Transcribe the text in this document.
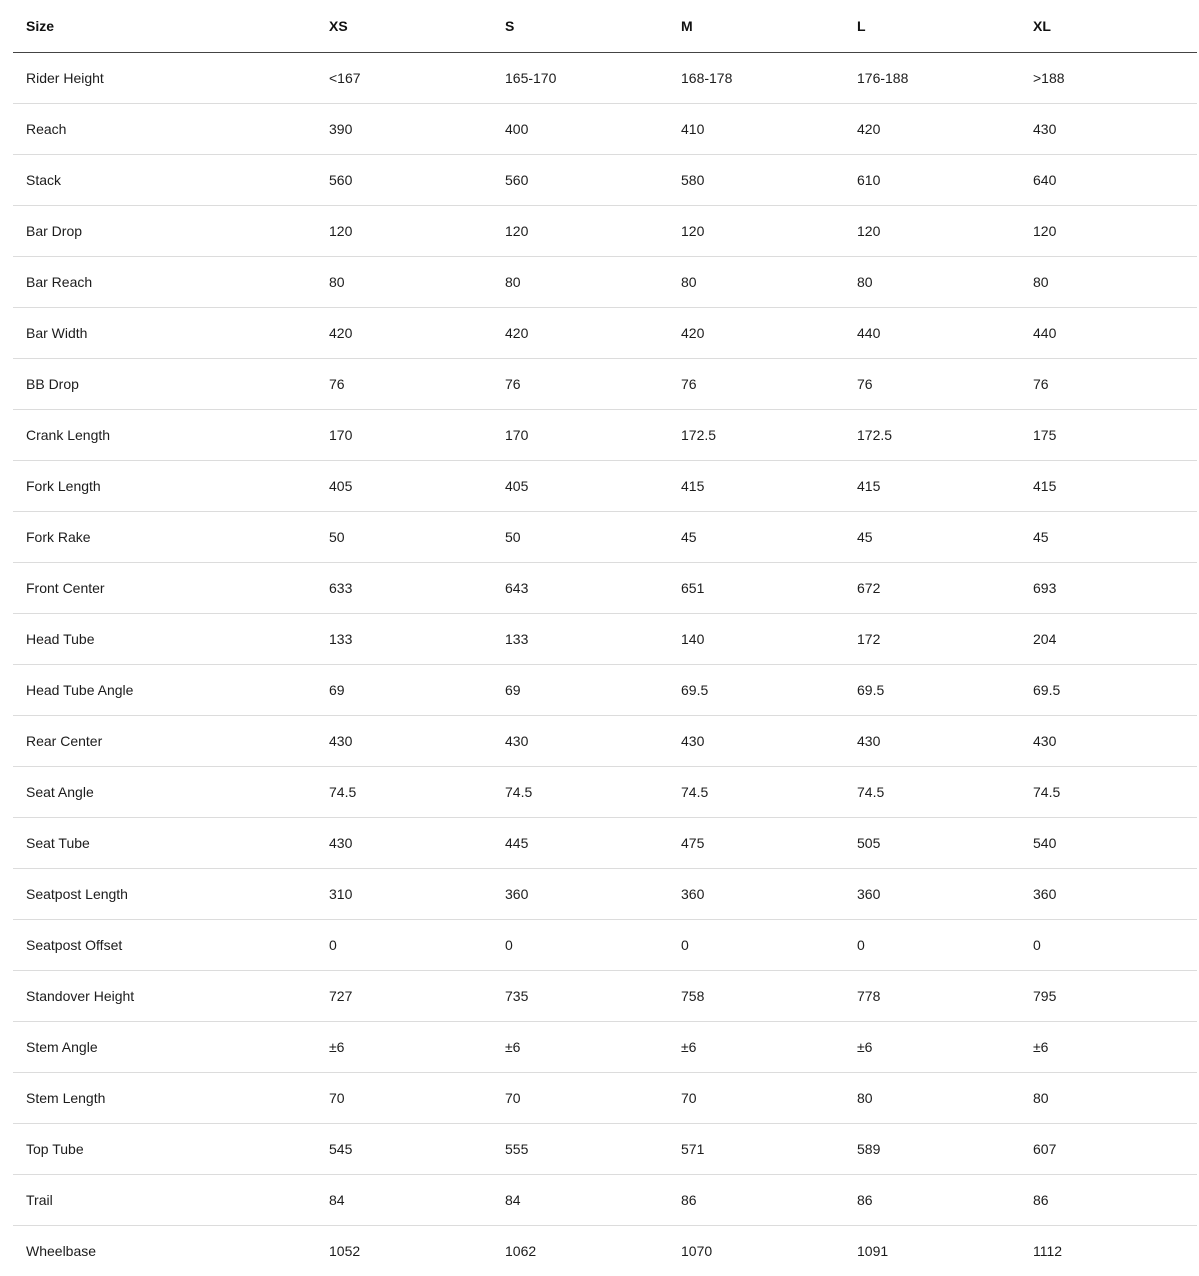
Size	XS	S	M	L	XL
Rider Height	<167	165-170	168-178	176-188	>188
Reach	390	400	410	420	430
Stack	560	560	580	610	640
Bar Drop	120	120	120	120	120
Bar Reach	80	80	80	80	80
Bar Width	420	420	420	440	440
BB Drop	76	76	76	76	76
Crank Length	170	170	172.5	172.5	175
Fork Length	405	405	415	415	415
Fork Rake	50	50	45	45	45
Front Center	633	643	651	672	693
Head Tube	133	133	140	172	204
Head Tube Angle	69	69	69.5	69.5	69.5
Rear Center	430	430	430	430	430
Seat Angle	74.5	74.5	74.5	74.5	74.5
Seat Tube	430	445	475	505	540
Seatpost Length	310	360	360	360	360
Seatpost Offset	0	0	0	0	0
Standover Height	727	735	758	778	795
Stem Angle	±6	±6	±6	±6	±6
Stem Length	70	70	70	80	80
Top Tube	545	555	571	589	607
Trail	84	84	86	86	86
Wheelbase	1052	1062	1070	1091	1112
